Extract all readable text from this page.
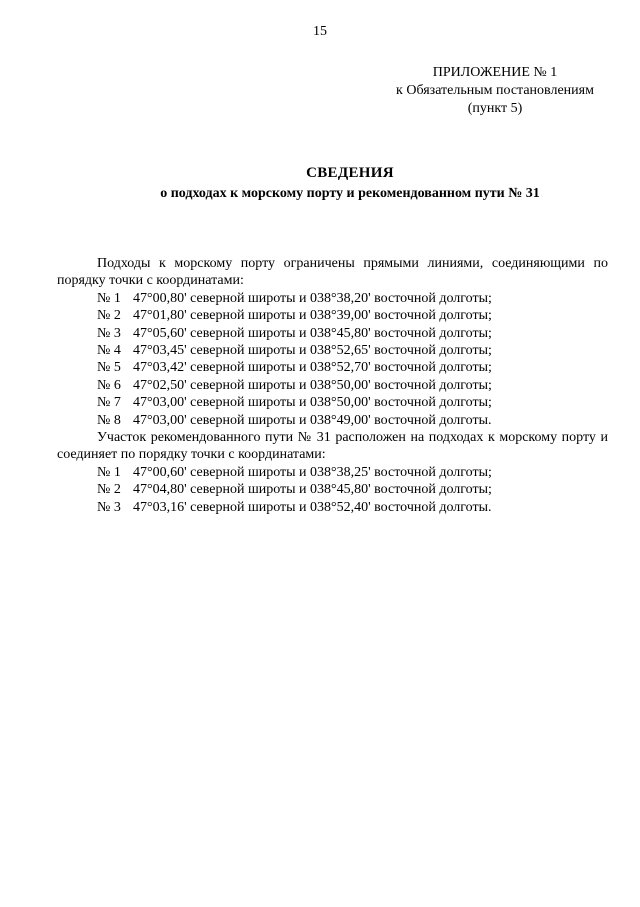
15
ПРИЛОЖЕНИЕ № 1
к Обязательным постановлениям
(пункт 5)
СВЕДЕНИЯ
о подходах к морскому порту и рекомендованном пути № 31
Подходы к морскому порту ограничены прямыми линиями, соединяющими по порядку точки с координатами:
№ 1 47°00,80' северной широты и 038°38,20' восточной долготы;
№ 2 47°01,80' северной широты и 038°39,00' восточной долготы;
№ 3 47°05,60' северной широты и 038°45,80' восточной долготы;
№ 4 47°03,45' северной широты и 038°52,65' восточной долготы;
№ 5 47°03,42' северной широты и 038°52,70' восточной долготы;
№ 6 47°02,50' северной широты и 038°50,00' восточной долготы;
№ 7 47°03,00' северной широты и 038°50,00' восточной долготы;
№ 8 47°03,00' северной широты и 038°49,00' восточной долготы.
Участок рекомендованного пути № 31 расположен на подходах к морскому порту и соединяет по порядку точки с координатами:
№ 1 47°00,60' северной широты и 038°38,25' восточной долготы;
№ 2 47°04,80' северной широты и 038°45,80' восточной долготы;
№ 3 47°03,16' северной широты и 038°52,40' восточной долготы.
